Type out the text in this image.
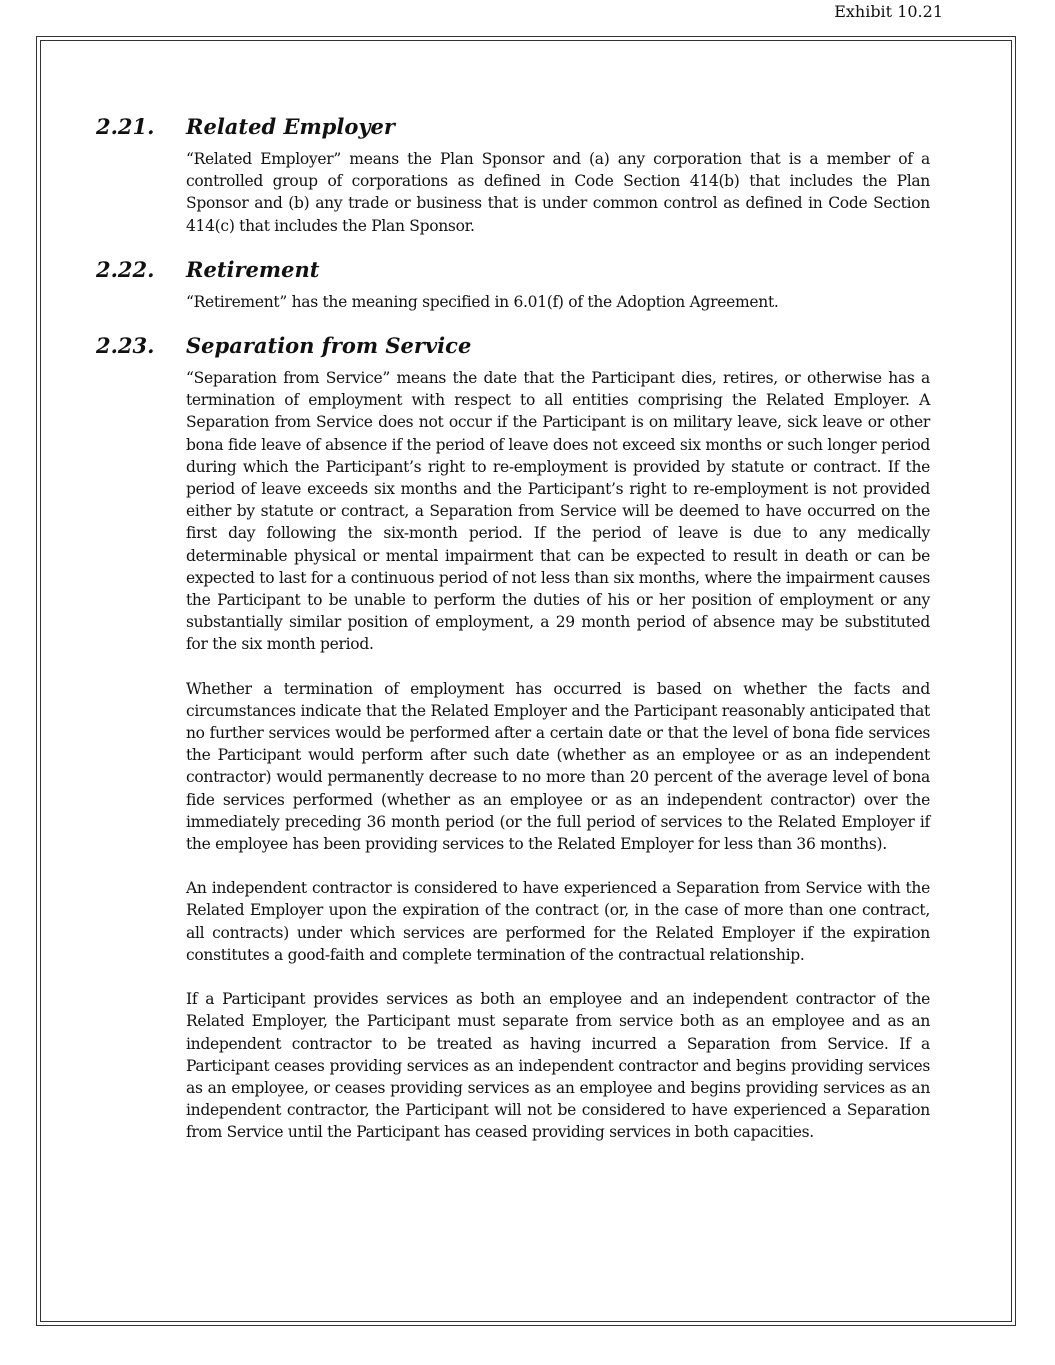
Exhibit 10.21
2.21.	Related Employer

“Related Employer” means the Plan Sponsor and (a) any corporation that is a member of a controlled group of corporations as defined in Code Section 414(b) that includes the Plan Sponsor and (b) any trade or business that is under common control as defined in Code Section 414(c) that includes the Plan Sponsor.

2.22.	Retirement

“Retirement” has the meaning specified in 6.01(f) of the Adoption Agreement.

2.23.	Separation from Service

“Separation from Service” means the date that the Participant dies, retires, or otherwise has a termination of employment with respect to all entities comprising the Related Employer. A Separation from Service does not occur if the Participant is on military leave, sick leave or other bona fide leave of absence if the period of leave does not exceed six months or such longer period during which the Participant’s right to re-employment is provided by statute or contract. If the period of leave exceeds six months and the Participant’s right to re-employment is not provided either by statute or contract, a Separation from Service will be deemed to have occurred on the first day following the six-month period. If the period of leave is due to any medically determinable physical or mental impairment that can be expected to result in death or can be expected to last for a continuous period of not less than six months, where the impairment causes the Participant to be unable to perform the duties of his or her position of employment or any substantially similar position of employment, a 29 month period of absence may be substituted for the six month period.

Whether a termination of employment has occurred is based on whether the facts and circumstances indicate that the Related Employer and the Participant reasonably anticipated that no further services would be performed after a certain date or that the level of bona fide services the Participant would perform after such date (whether as an employee or as an independent contractor) would permanently decrease to no more than 20 percent of the average level of bona fide services performed (whether as an employee or as an independent contractor) over the immediately preceding 36 month period (or the full period of services to the Related Employer if the employee has been providing services to the Related Employer for less than 36 months).

An independent contractor is considered to have experienced a Separation from Service with the Related Employer upon the expiration of the contract (or, in the case of more than one contract, all contracts) under which services are performed for the Related Employer if the expiration constitutes a good-faith and complete termination of the contractual relationship.

If a Participant provides services as both an employee and an independent contractor of the Related Employer, the Participant must separate from service both as an employee and as an independent contractor to be treated as having incurred a Separation from Service. If a Participant ceases providing services as an independent contractor and begins providing services as an employee, or ceases providing services as an employee and begins providing services as an independent contractor, the Participant will not be considered to have experienced a Separation from Service until the Participant has ceased providing services in both capacities.
